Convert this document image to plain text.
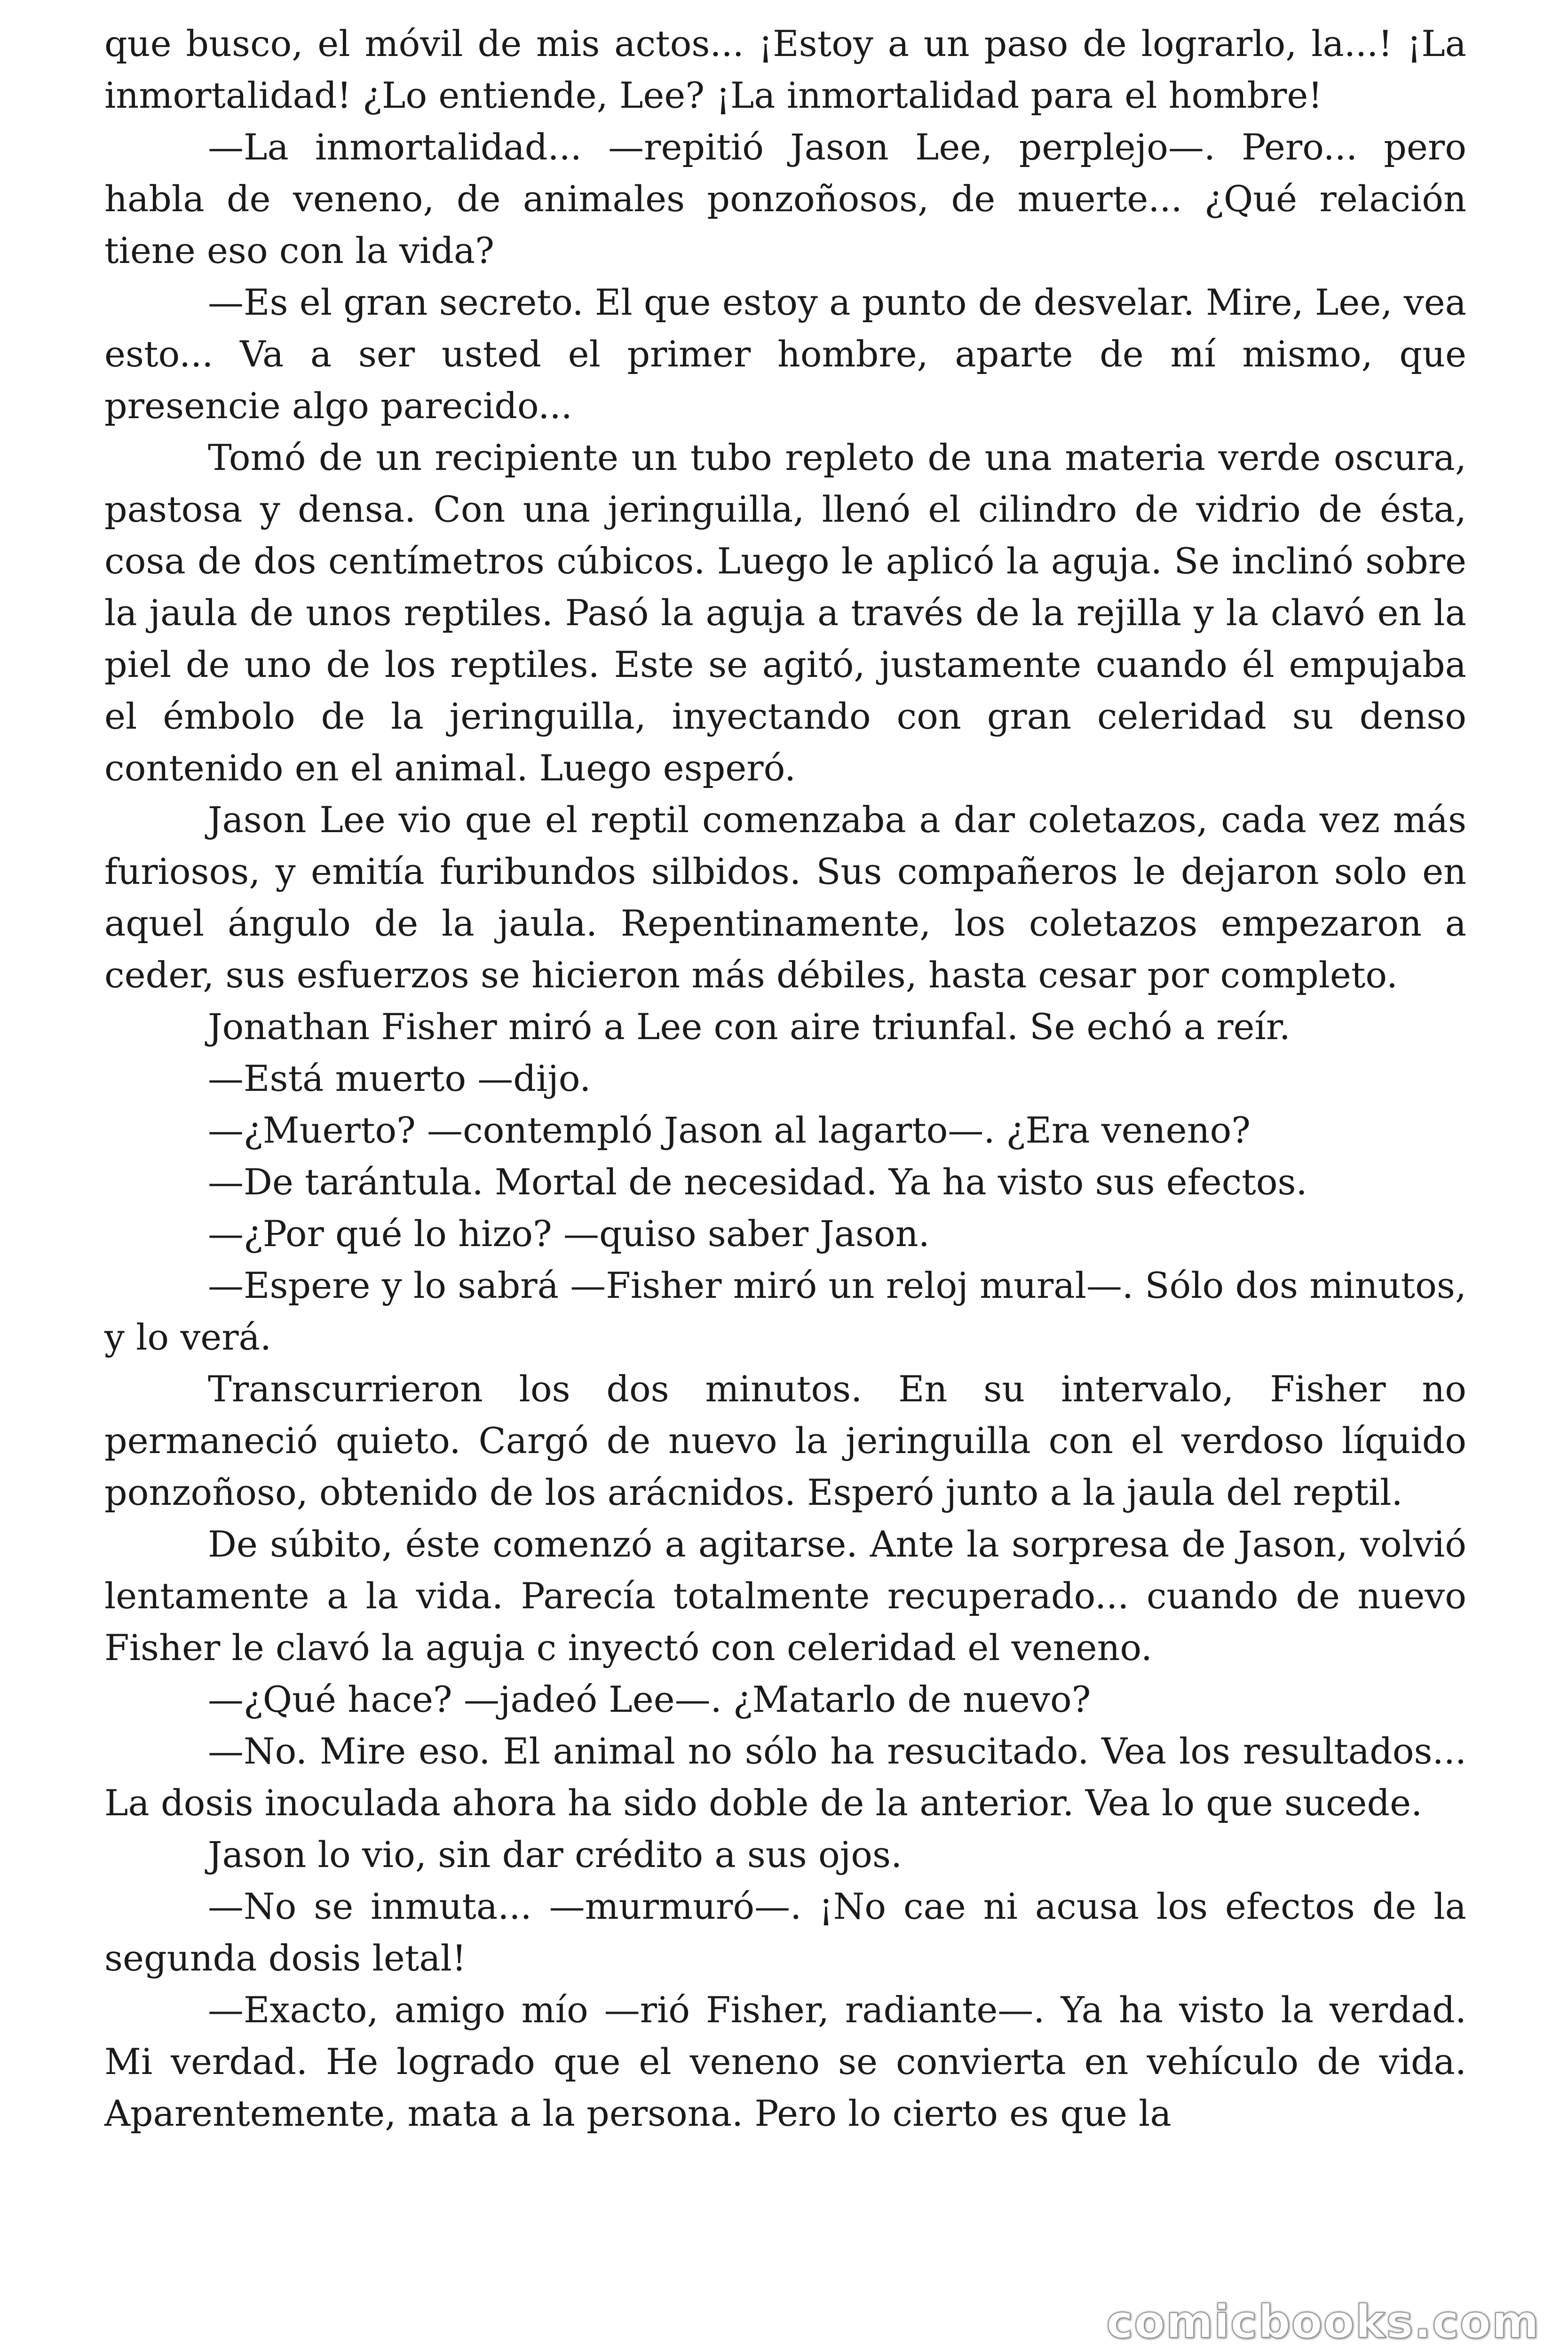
que busco, el móvil de mis actos... ¡Estoy a un paso de lograrlo, la...! ¡La inmortalidad! ¿Lo entiende, Lee? ¡La inmortalidad para el hombre!

—La inmortalidad... —repitió Jason Lee, perplejo—. Pero... pero habla de veneno, de animales ponzoñosos, de muerte... ¿Qué relación tiene eso con la vida?

—Es el gran secreto. El que estoy a punto de desvelar. Mire, Lee, vea esto... Va a ser usted el primer hombre, aparte de mí mismo, que presencie algo parecido...

Tomó de un recipiente un tubo repleto de una materia verde oscura, pastosa y densa. Con una jeringuilla, llenó el cilindro de vidrio de ésta, cosa de dos centímetros cúbicos. Luego le aplicó la aguja. Se inclinó sobre la jaula de unos reptiles. Pasó la aguja a través de la rejilla y la clavó en la piel de uno de los reptiles. Este se agitó, justamente cuando él empujaba el émbolo de la jeringuilla, inyectando con gran celeridad su denso contenido en el animal. Luego esperó.

Jason Lee vio que el reptil comenzaba a dar coletazos, cada vez más furiosos, y emitía furibundos silbidos. Sus compañeros le dejaron solo en aquel ángulo de la jaula. Repentinamente, los coletazos empezaron a ceder, sus esfuerzos se hicieron más débiles, hasta cesar por completo.

Jonathan Fisher miró a Lee con aire triunfal. Se echó a reír.

—Está muerto —dijo.

—¿Muerto? —contempló Jason al lagarto—. ¿Era veneno?

—De tarántula. Mortal de necesidad. Ya ha visto sus efectos.

—¿Por qué lo hizo? —quiso saber Jason.

—Espere y lo sabrá —Fisher miró un reloj mural—. Sólo dos minutos, y lo verá.

Transcurrieron los dos minutos. En su intervalo, Fisher no permaneció quieto. Cargó de nuevo la jeringuilla con el verdoso líquido ponzoñoso, obtenido de los arácnidos. Esperó junto a la jaula del reptil.

De súbito, éste comenzó a agitarse. Ante la sorpresa de Jason, volvió lentamente a la vida. Parecía totalmente recuperado... cuando de nuevo Fisher le clavó la aguja c inyectó con celeridad el veneno.

—¿Qué hace? —jadeó Lee—. ¿Matarlo de nuevo?

—No. Mire eso. El animal no sólo ha resucitado. Vea los resultados... La dosis inoculada ahora ha sido doble de la anterior. Vea lo que sucede.

Jason lo vio, sin dar crédito a sus ojos.

—No se inmuta... —murmuró—. ¡No cae ni acusa los efectos de la segunda dosis letal!

—Exacto, amigo mío —rió Fisher, radiante—. Ya ha visto la verdad. Mi verdad. He logrado que el veneno se convierta en vehículo de vida. Aparentemente, mata a la persona. Pero lo cierto es que la

comicbooks.com
